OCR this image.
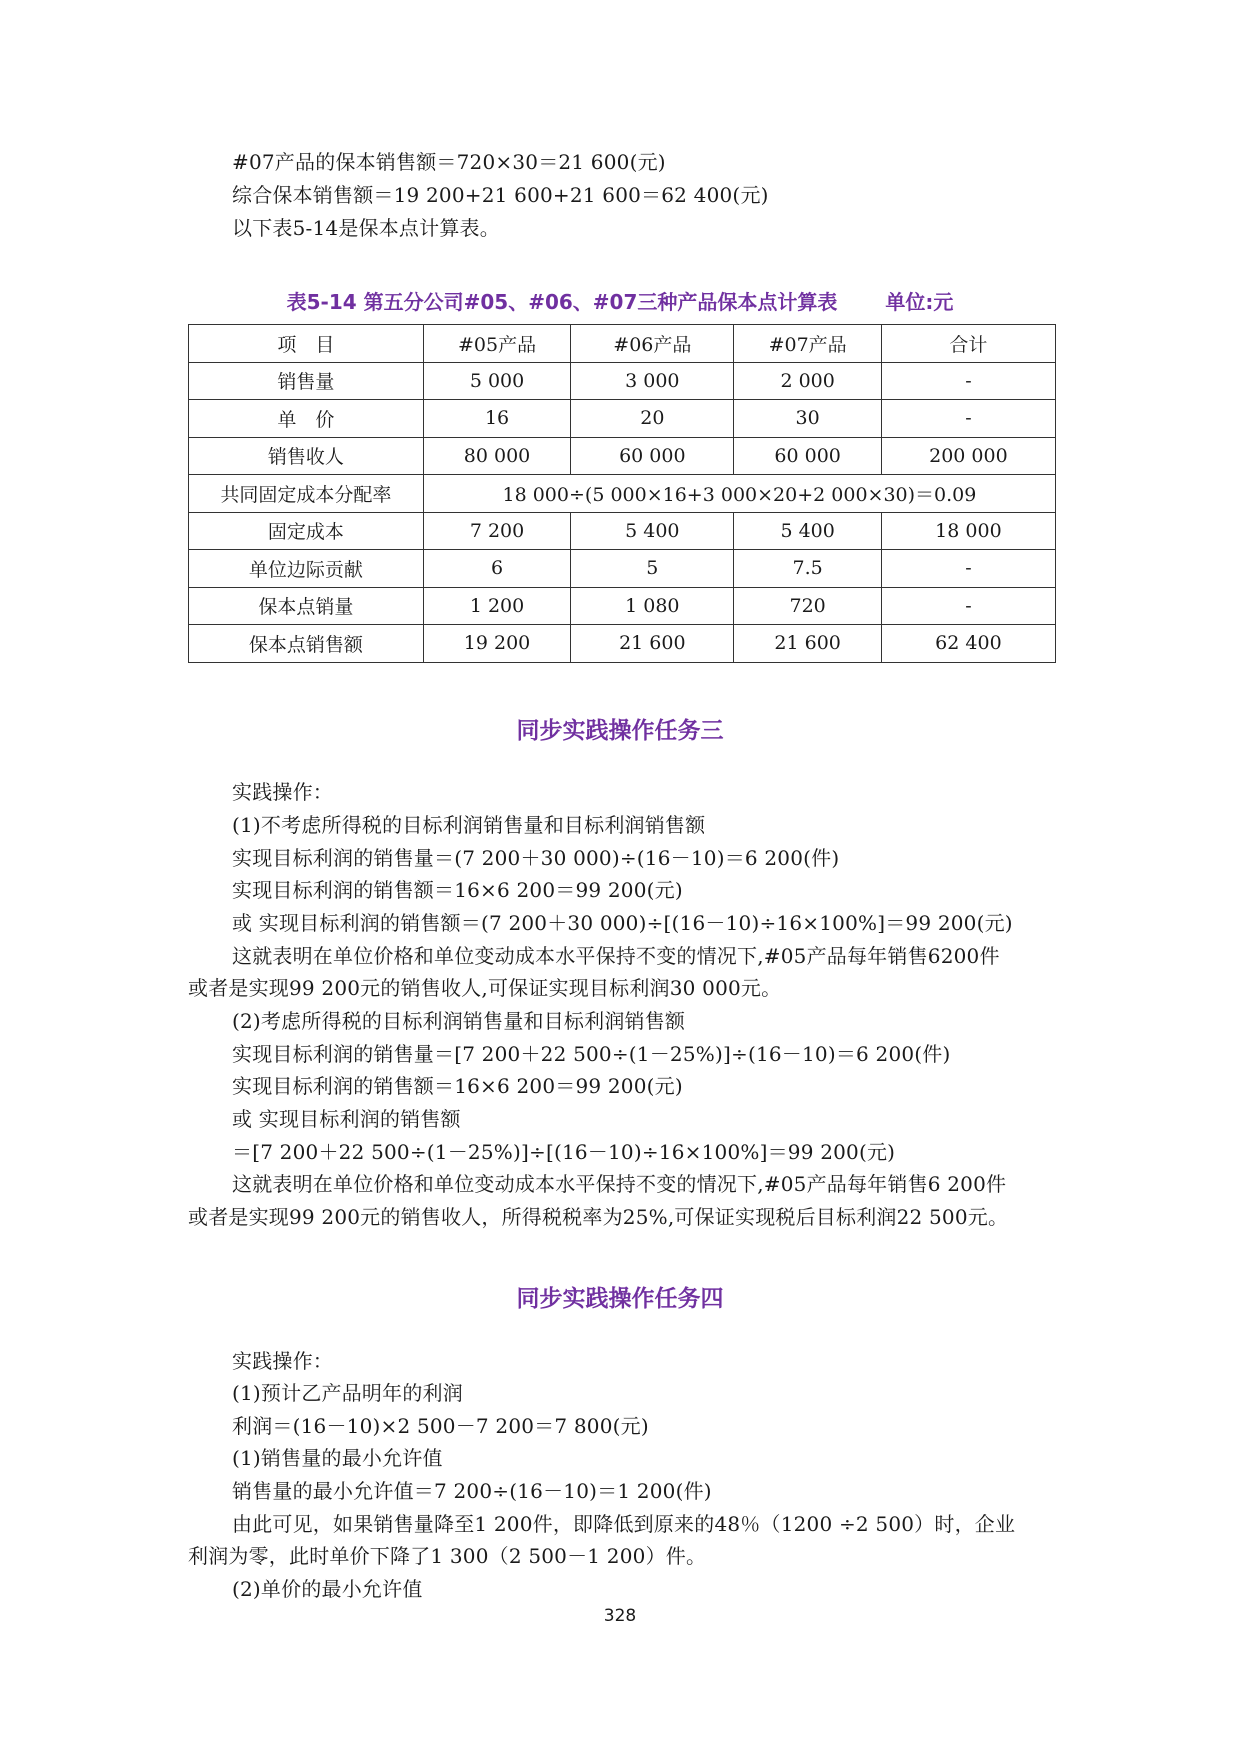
#07产品的保本销售额＝720×30＝21 600(元)
综合保本销售额＝19 200+21 600+21 600＝62 400(元)
以下表5-14是保本点计算表。
表5-14 第五分公司#05、#06、#07三种产品保本点计算表 单位:元
项　目	#05产品	#06产品	#07产品	合计
销售量	5 000	3 000	2 000	-
单　价	16	20	30	-
销售收人	80 000	60 000	60 000	200 000
共同固定成本分配率	18 000÷(5 000×16+3 000×20+2 000×30)＝0.09			
固定成本	7 200	5 400	5 400	18 000
单位边际贡献	6	5	7.5	-
保本点销量	1 200	1 080	720	-
保本点销售额	19 200	21 600	21 600	62 400
同步实践操作任务三
实践操作：
(1)不考虑所得税的目标利润销售量和目标利润销售额
实现目标利润的销售量＝(7 200＋30 000)÷(16－10)＝6 200(件)
实现目标利润的销售额＝16×6 200＝99 200(元)
或 实现目标利润的销售额＝(7 200＋30 000)÷[(16－10)÷16×100%]＝99 200(元)
这就表明在单位价格和单位变动成本水平保持不变的情况下,#05产品每年销售6200件
或者是实现99 200元的销售收人,可保证实现目标利润30 000元。
(2)考虑所得税的目标利润销售量和目标利润销售额
实现目标利润的销售量＝[7 200＋22 500÷(1－25%)]÷(16－10)＝6 200(件)
实现目标利润的销售额＝16×6 200＝99 200(元)
或 实现目标利润的销售额
＝[7 200＋22 500÷(1－25%)]÷[(16－10)÷16×100%]＝99 200(元)
这就表明在单位价格和单位变动成本水平保持不变的情况下,#05产品每年销售6 200件
或者是实现99 200元的销售收人，所得税税率为25%,可保证实现税后目标利润22 500元。
同步实践操作任务四
实践操作：
(1)预计乙产品明年的利润
利润＝(16－10)×2 500－7 200＝7 800(元)
(1)销售量的最小允许值
销售量的最小允许值＝7 200÷(16－10)＝1 200(件)
由此可见，如果销售量降至1 200件，即降低到原来的48％（1200 ÷2 500）时，企业
利润为零，此时单价下降了1 300（2 500－1 200）件。
(2)单价的最小允许值
328
